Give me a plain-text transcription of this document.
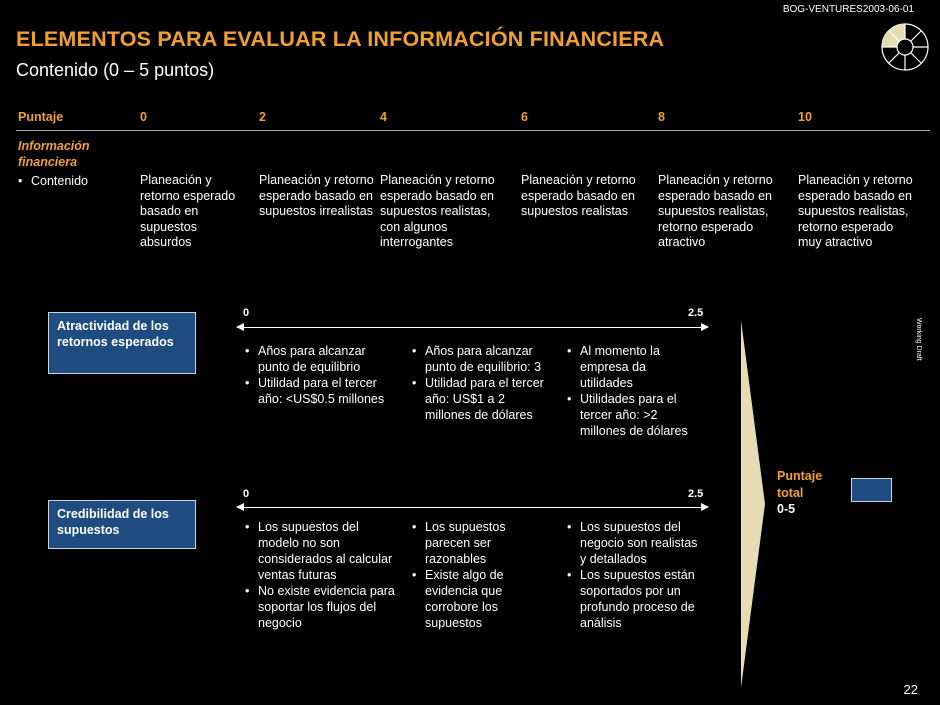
BOG-VENTURES2003-06-01
ELEMENTOS PARA EVALUAR LA INFORMACIÓN FINANCIERA
Contenido (0 – 5 puntos)
Working Draft
Puntaje	0	2	4	6	8	10
Información financiera
• Contenido	Planeación y retorno esperado basado en supuestos absurdos
Planeación y retorno esperado basado en supuestos irrealistas
Planeación y retorno esperado basado en supuestos realistas, con algunos interrogantes
Planeación y retorno esperado basado en supuestos realistas
Planeación y retorno esperado basado en supuestos realistas, retorno esperado atractivo
Planeación y retorno esperado basado en supuestos realistas, retorno esperado muy atractivo
Atractividad de los retornos esperados
0	2.5
• Años para alcanzar punto de equilibrio
• Utilidad para el tercer año: <US$0.5 millones
• Años para alcanzar punto de equilibrio: 3
• Utilidad para el tercer año: US$1 a 2 millones de dólares
• Al momento la empresa da utilidades
• Utilidades para el tercer año: >2 millones de dólares
Credibilidad de los supuestos
0	2.5
• Los supuestos del modelo no son considerados al calcular ventas futuras
• No existe evidencia para soportar los flujos del negocio
• Los supuestos parecen ser razonables
• Existe algo de evidencia que corrobore los supuestos
• Los supuestos del negocio son realistas y detallados
• Los supuestos están soportados por un profundo proceso de análisis
Puntaje
total
0-5
22
